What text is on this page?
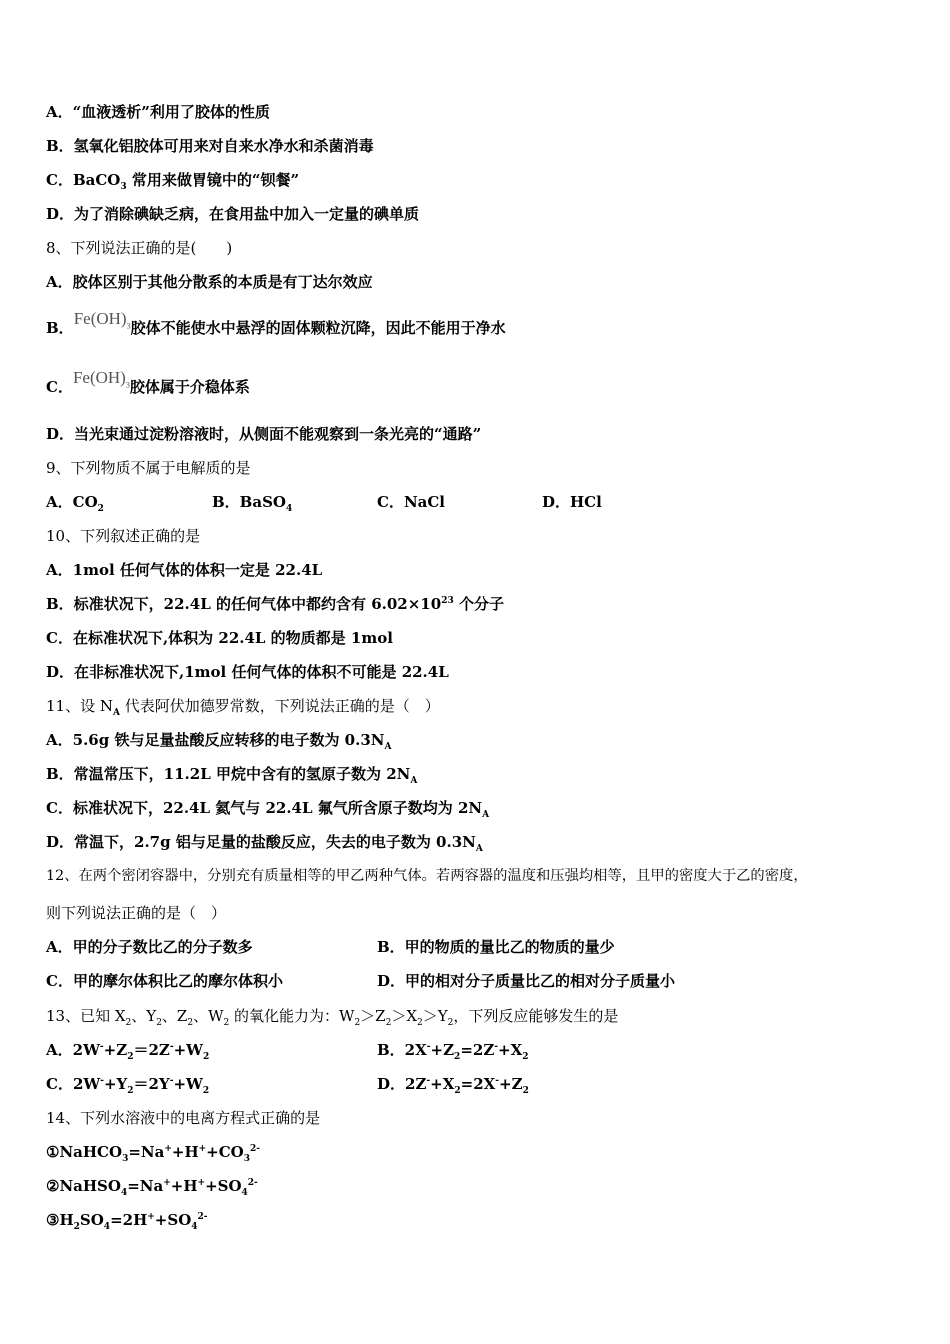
A．“血液透析”利用了胶体的性质
B．氢氧化铝胶体可用来对自来水净水和杀菌消毒
C．BaCO$_3$ 常用来做胃镜中的“钡餐”
D．为了消除碘缺乏病，在食用盐中加入一定量的碘单质
8、下列说法正确的是(　　)
A．胶体区别于其他分散系的本质是有丁达尔效应
B．$Fe(OH)_3$胶体不能使水中悬浮的固体颗粒沉降，因此不能用于净水
C．$Fe(OH)_3$胶体属于介稳体系
D．当光束通过淀粉溶液时，从侧面不能观察到一条光亮的“通路”
9、下列物质不属于电解质的是
A．$CO_2$	B．BaSO$_4$	C．NaCl	D．HCl
10、下列叙述正确的是
A．1mol 任何气体的体积一定是 22.4L
B．标准状况下，22.4L 的任何气体中都约含有 $6.02\times 10^{23}$ 个分子
C．在标准状况下,体积为 22.4L 的物质都是 1mol
D．在非标准状况下,1mol 任何气体的体积不可能是 22.4L
11、设 $N_A$ 代表阿伏加德罗常数，下列说法正确的是（　）
A．5.6g 铁与足量盐酸反应转移的电子数为 $0.3N_A$
B．常温常压下，11.2L 甲烷中含有的氢原子数为 $2N_A$
C．标准状况下，22.4L 氦气与 22.4L 氟气所含原子数均为 $2N_A$
D．常温下，2.7g 铝与足量的盐酸反应，失去的电子数为 $0.3N_A$
12、在两个密闭容器中，分别充有质量相等的甲乙两种气体。若两容器的温度和压强均相等，且甲的密度大于乙的密度，
则下列说法正确的是（　）
A．甲的分子数比乙的分子数多	B．甲的物质的量比乙的物质的量少
C．甲的摩尔体积比乙的摩尔体积小	D．甲的相对分子质量比乙的相对分子质量小
13、已知 $X_2$、$Y_2$、$Z_2$、$W_2$ 的氧化能力为：$W_2>Z_2>X_2>Y_2$，下列反应能够发生的是
A．$2W^-+Z_2=2Z^-+W_2$	B．$2X^-+Z_2=2Z^-+X_2$
C．$2W^-+Y_2=2Y^-+W_2$	D．$2Z^-+X_2=2X^-+Z_2$
14、下列水溶液中的电离方程式正确的是
$①NaHCO_3=Na^++H^++CO_3^{2-}$
$②NaHSO_4=Na^++H^++SO_4^{2-}$
$③H_2SO_4=2H^++SO_4^{2-}$
